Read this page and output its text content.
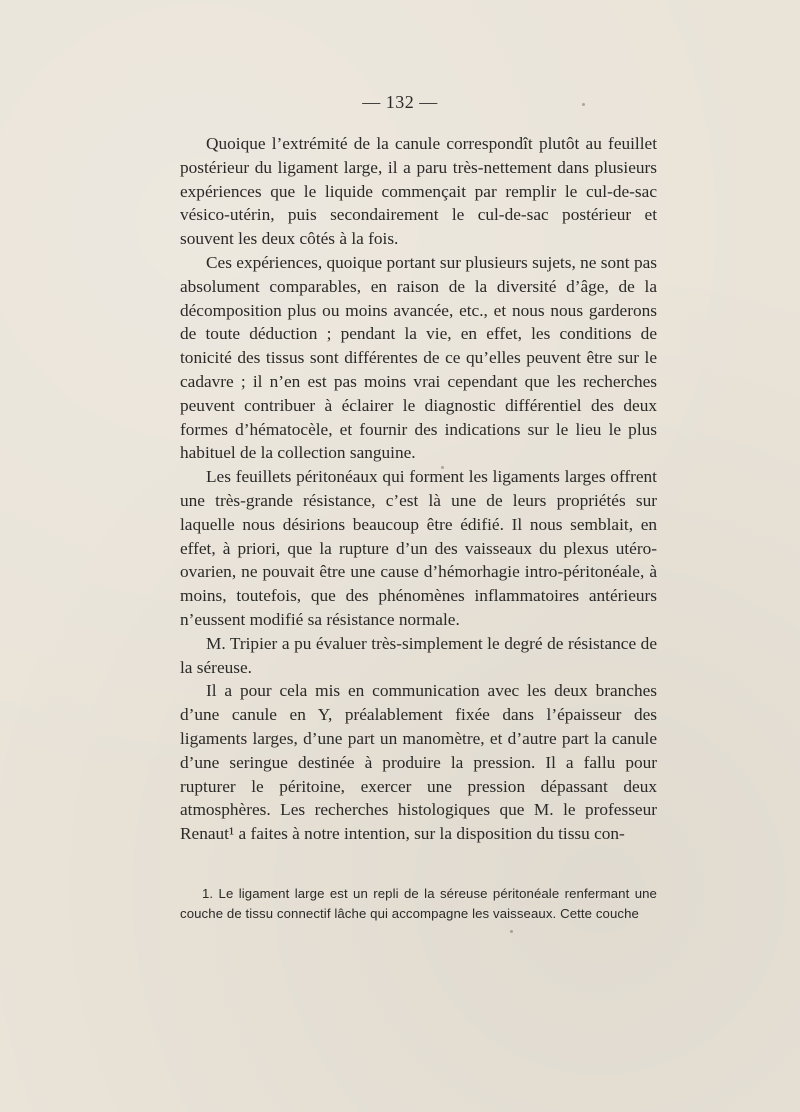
— 132 —

Quoique l’extrémité de la canule correspondît plutôt au feuillet postérieur du ligament large, il a paru très-nettement dans plusieurs expériences que le liquide commençait par remplir le cul-de-sac vésico-utérin, puis secondairement le cul-de-sac postérieur et souvent les deux côtés à la fois.

Ces expériences, quoique portant sur plusieurs sujets, ne sont pas absolument comparables, en raison de la diversité d’âge, de la décomposition plus ou moins avancée, etc., et nous nous garderons de toute déduction ; pendant la vie, en effet, les conditions de tonicité des tissus sont différentes de ce qu’elles peuvent être sur le cadavre ; il n’en est pas moins vrai cependant que les recherches peuvent contribuer à éclairer le diagnostic différentiel des deux formes d’hématocèle, et fournir des indications sur le lieu le plus habituel de la collection sanguine.

Les feuillets péritonéaux qui forment les ligaments larges offrent une très-grande résistance, c’est là une de leurs propriétés sur laquelle nous désirions beaucoup être édifié. Il nous semblait, en effet, à priori, que la rupture d’un des vaisseaux du plexus utéro-ovarien, ne pouvait être une cause d’hémorhagie intro-péritonéale, à moins, toutefois, que des phénomènes inflammatoires antérieurs n’eussent modifié sa résistance normale.

M. Tripier a pu évaluer très-simplement le degré de résistance de la séreuse.

Il a pour cela mis en communication avec les deux branches d’une canule en Y, préalablement fixée dans l’épaisseur des ligaments larges, d’une part un manomètre, et d’autre part la canule d’une seringue destinée à produire la pression. Il a fallu pour rupturer le péritoine, exercer une pression dépassant deux atmosphères. Les recherches histologiques que M. le professeur Renaut¹ a faites à notre intention, sur la disposition du tissu con-

1. Le ligament large est un repli de la séreuse péritonéale renfermant une couche de tissu connectif lâche qui accompagne les vaisseaux. Cette couche
